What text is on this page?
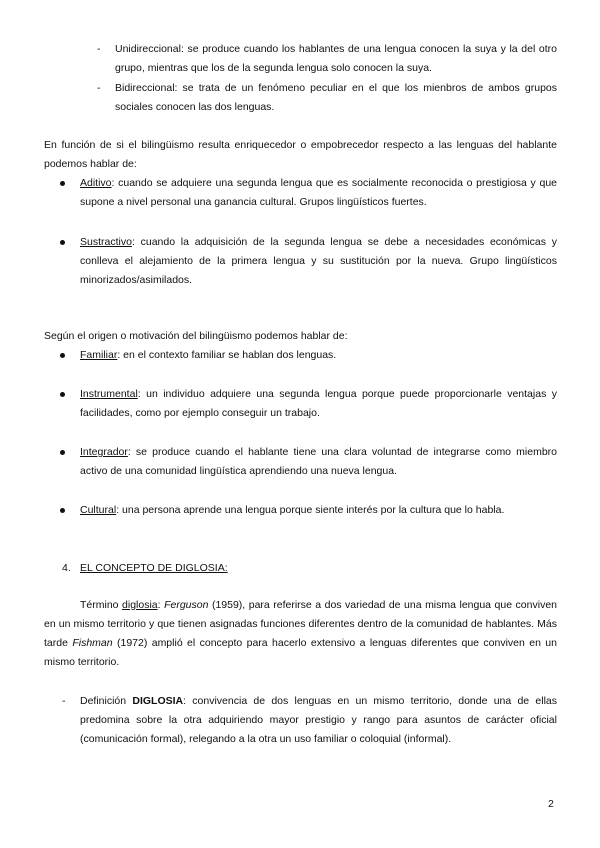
- Unidireccional: se produce cuando los hablantes de una lengua conocen la suya y la del otro grupo, mientras que los de la segunda lengua solo conocen la suya.
- Bidireccional: se trata de un fenómeno peculiar en el que los mienbros de ambos grupos sociales conocen las dos lenguas.
En función de si el bilingüismo resulta enriquecedor o empobrecedor respecto a las lenguas del hablante podemos hablar de:
Aditivo: cuando se adquiere una segunda lengua que es socialmente reconocida o prestigiosa y que supone a nivel personal una ganancia cultural. Grupos lingüísticos fuertes.
Sustractivo: cuando la adquisición de la segunda lengua se debe a necesidades económicas y conlleva el alejamiento de la primera lengua y su sustitución por la nueva. Grupo lingüísticos minorizados/asimilados.
Según el origen o motivación del bilingüismo podemos hablar de:
Familiar: en el contexto familiar se hablan dos lenguas.
Instrumental: un individuo adquiere una segunda lengua porque puede proporcionarle ventajas y facilidades, como por ejemplo conseguir un trabajo.
Integrador: se produce cuando el hablante tiene una clara voluntad de integrarse como miembro activo de una comunidad lingüística aprendiendo una nueva lengua.
Cultural: una persona aprende una lengua porque siente interés por la cultura que lo habla.
4. EL CONCEPTO DE DIGLOSIA:
Término diglosia: Ferguson (1959), para referirse a dos variedad de una misma lengua que conviven en un mismo territorio y que tienen asignadas funciones diferentes dentro de la comunidad de hablantes. Más tarde Fishman (1972) amplió el concepto para hacerlo extensivo a lenguas diferentes que conviven en un mismo territorio.
- Definición DIGLOSIA: convivencia de dos lenguas en un mismo territorio, donde una de ellas predomina sobre la otra adquiriendo mayor prestigio y rango para asuntos de carácter oficial (comunicación formal), relegando a la otra un uso familiar o coloquial (informal).
2
